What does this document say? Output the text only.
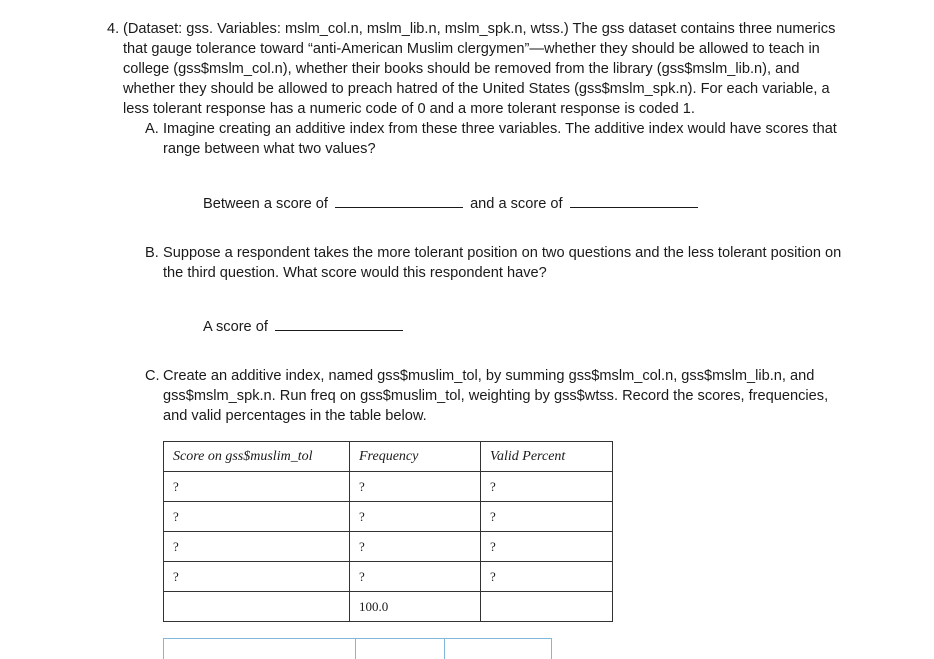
4. (Dataset: gss. Variables: mslm_col.n, mslm_lib.n, mslm_spk.n, wtss.) The gss dataset contains three numerics that gauge tolerance toward “anti-American Muslim clergymen”—whether they should be allowed to teach in college (gss$mslm_col.n), whether their books should be removed from the library (gss$mslm_lib.n), and whether they should be allowed to preach hatred of the United States (gss$mslm_spk.n). For each variable, a less tolerant response has a numeric code of 0 and a more tolerant response is coded 1.
A. Imagine creating an additive index from these three variables. The additive index would have scores that range between what two values?
Between a score of	and a score of
B. Suppose a respondent takes the more tolerant position on two questions and the less tolerant position on the third question. What score would this respondent have?
A score of
C. Create an additive index, named gss$muslim_tol, by summing gss$mslm_col.n, gss$mslm_lib.n, and gss$mslm_spk.n. Run freq on gss$muslim_tol, weighting by gss$wtss. Record the scores, frequencies, and valid percentages in the table below.
Score on gss$muslim_tol	Frequency	Valid Percent
?	?	?
?	?	?
?	?	?
?	?	?
	100.0	
